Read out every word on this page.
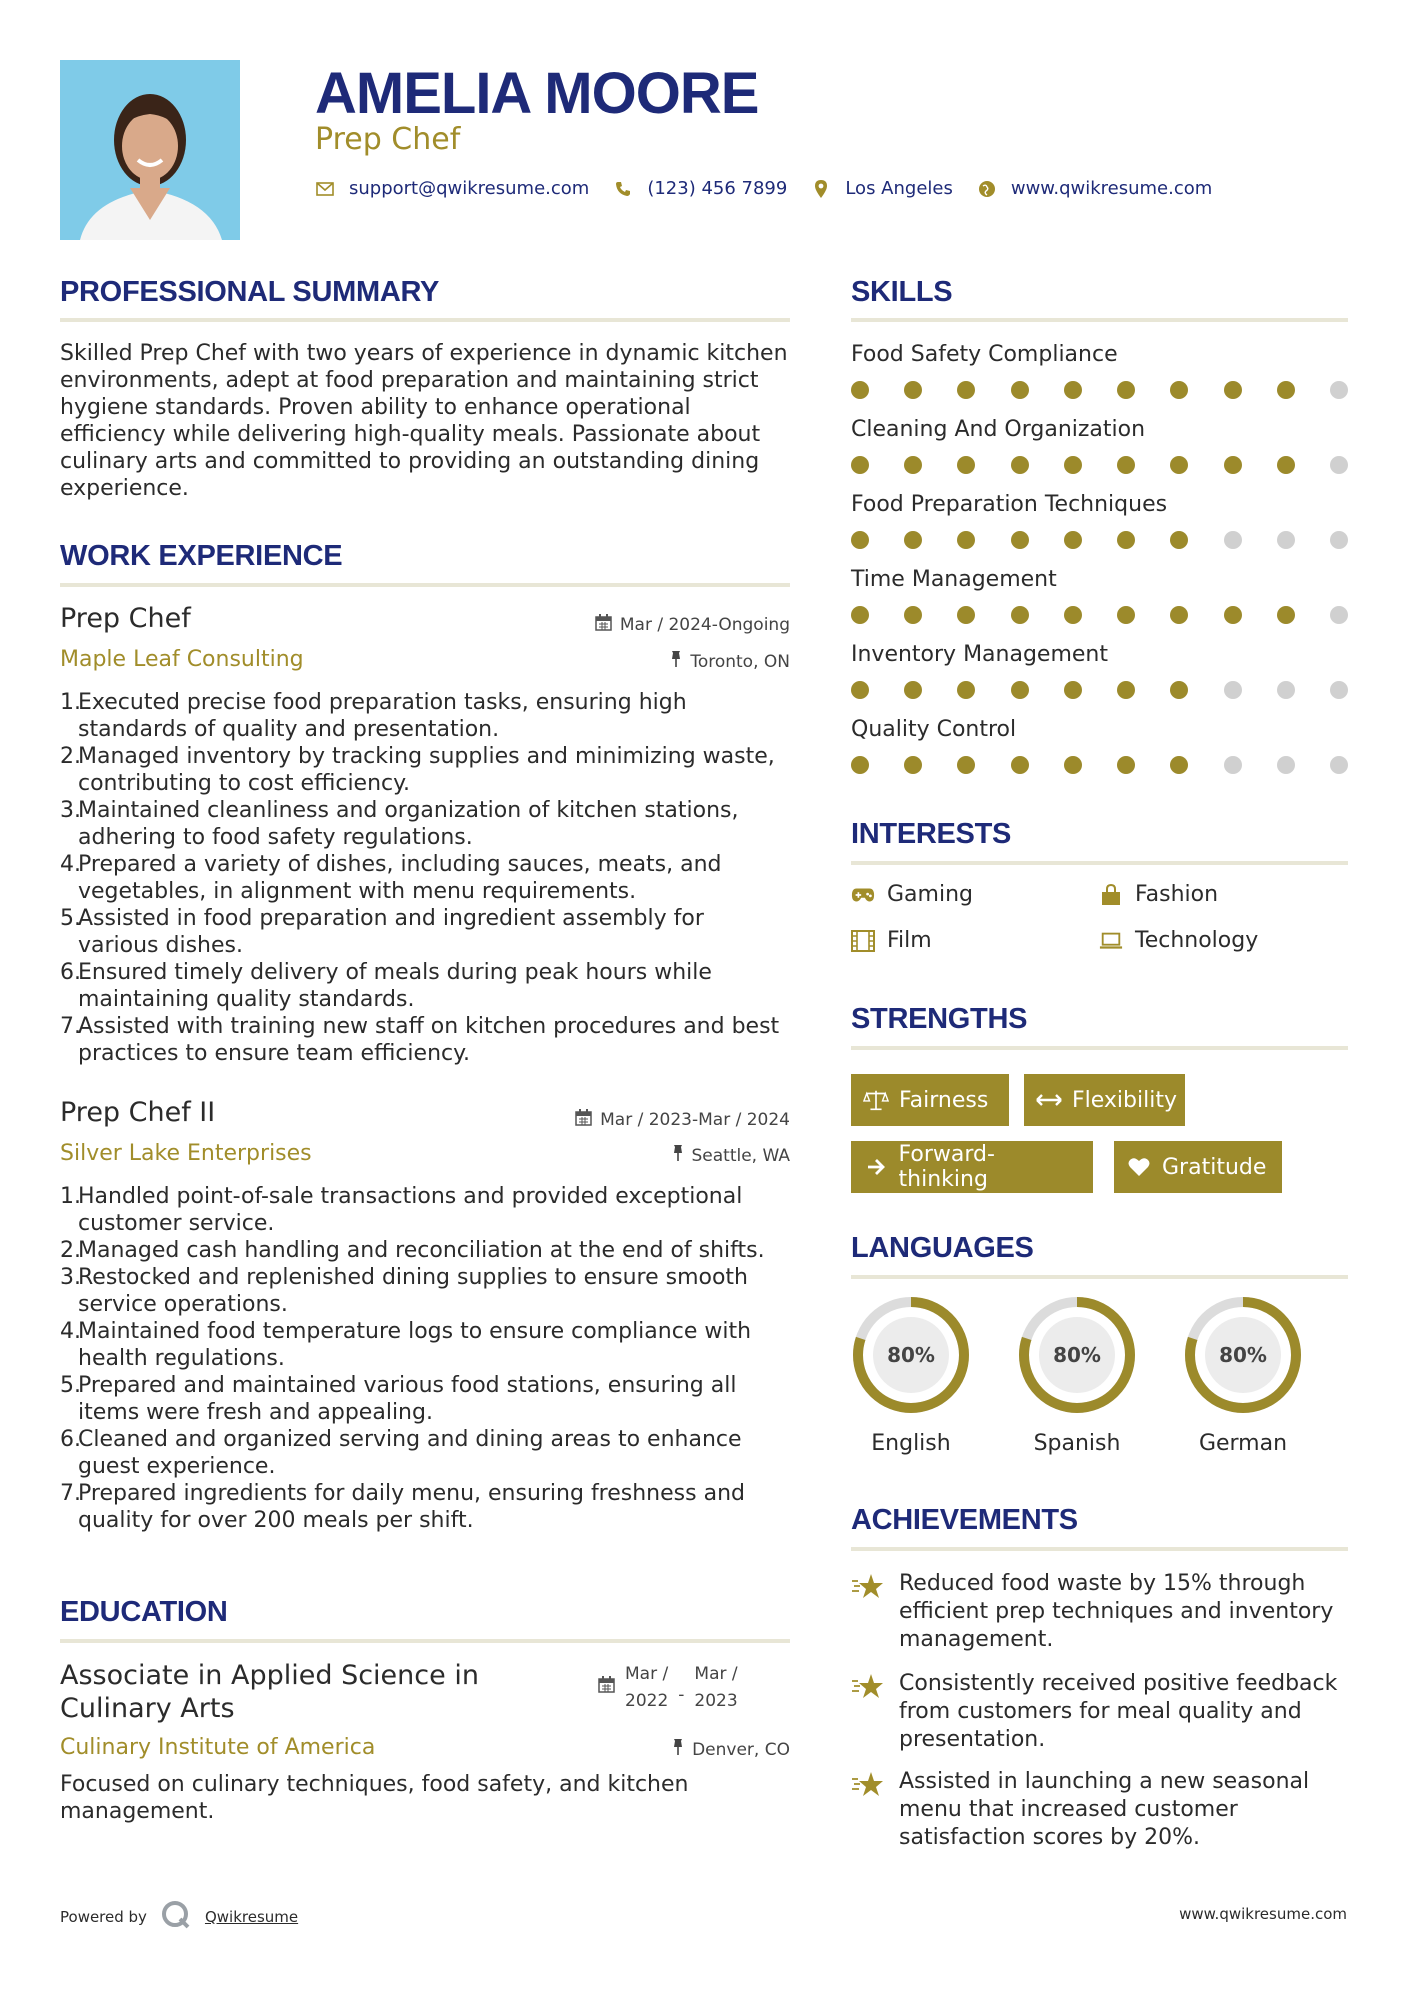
AMELIA MOORE
Prep Chef
support@qwikresume.com	(123) 456 7899	Los Angeles	www.qwikresume.com
PROFESSIONAL SUMMARY
Skilled Prep Chef with two years of experience in dynamic kitchen
environments, adept at food preparation and maintaining strict
hygiene standards. Proven ability to enhance operational
efficiency while delivering high-quality meals. Passionate about
culinary arts and committed to providing an outstanding dining
experience.
WORK EXPERIENCE
Prep Chef	Mar / 2024-Ongoing
Maple Leaf Consulting	Toronto, ON
1.
Executed precise food preparation tasks, ensuring high
standards of quality and presentation.
2.
Managed inventory by tracking supplies and minimizing waste,
contributing to cost efficiency.
3.
Maintained cleanliness and organization of kitchen stations,
adhering to food safety regulations.
4.
Prepared a variety of dishes, including sauces, meats, and
vegetables, in alignment with menu requirements.
5.
Assisted in food preparation and ingredient assembly for
various dishes.
6.
Ensured timely delivery of meals during peak hours while
maintaining quality standards.
7.
Assisted with training new staff on kitchen procedures and best
practices to ensure team efficiency.
Prep Chef II	Mar / 2023-Mar / 2024
Silver Lake Enterprises	Seattle, WA
1.
Handled point-of-sale transactions and provided exceptional
customer service.
2.
Managed cash handling and reconciliation at the end of shifts.
3.
Restocked and replenished dining supplies to ensure smooth
service operations.
4.
Maintained food temperature logs to ensure compliance with
health regulations.
5.
Prepared and maintained various food stations, ensuring all
items were fresh and appealing.
6.
Cleaned and organized serving and dining areas to enhance
guest experience.
7.
Prepared ingredients for daily menu, ensuring freshness and
quality for over 200 meals per shift.
EDUCATION
Associate in Applied Science in
Culinary Arts
Mar /
2022 -
Mar /
2023
Culinary Institute of America	Denver, CO
Focused on culinary techniques, food safety, and kitchen
management.
SKILLS
Food Safety Compliance
Cleaning And Organization
Food Preparation Techniques
Time Management
Inventory Management
Quality Control
INTERESTS
Gaming	Fashion
Film	Technology
STRENGTHS
Fairness	Flexibility
Forward-thinking	Gratitude
LANGUAGES
80%
English
80%
Spanish
80%
German
ACHIEVEMENTS
Reduced food waste by 15% through
efficient prep techniques and inventory
management.
Consistently received positive feedback
from customers for meal quality and
presentation.
Assisted in launching a new seasonal
menu that increased customer
satisfaction scores by 20%.
Powered by	Qwikresume	www.qwikresume.com
